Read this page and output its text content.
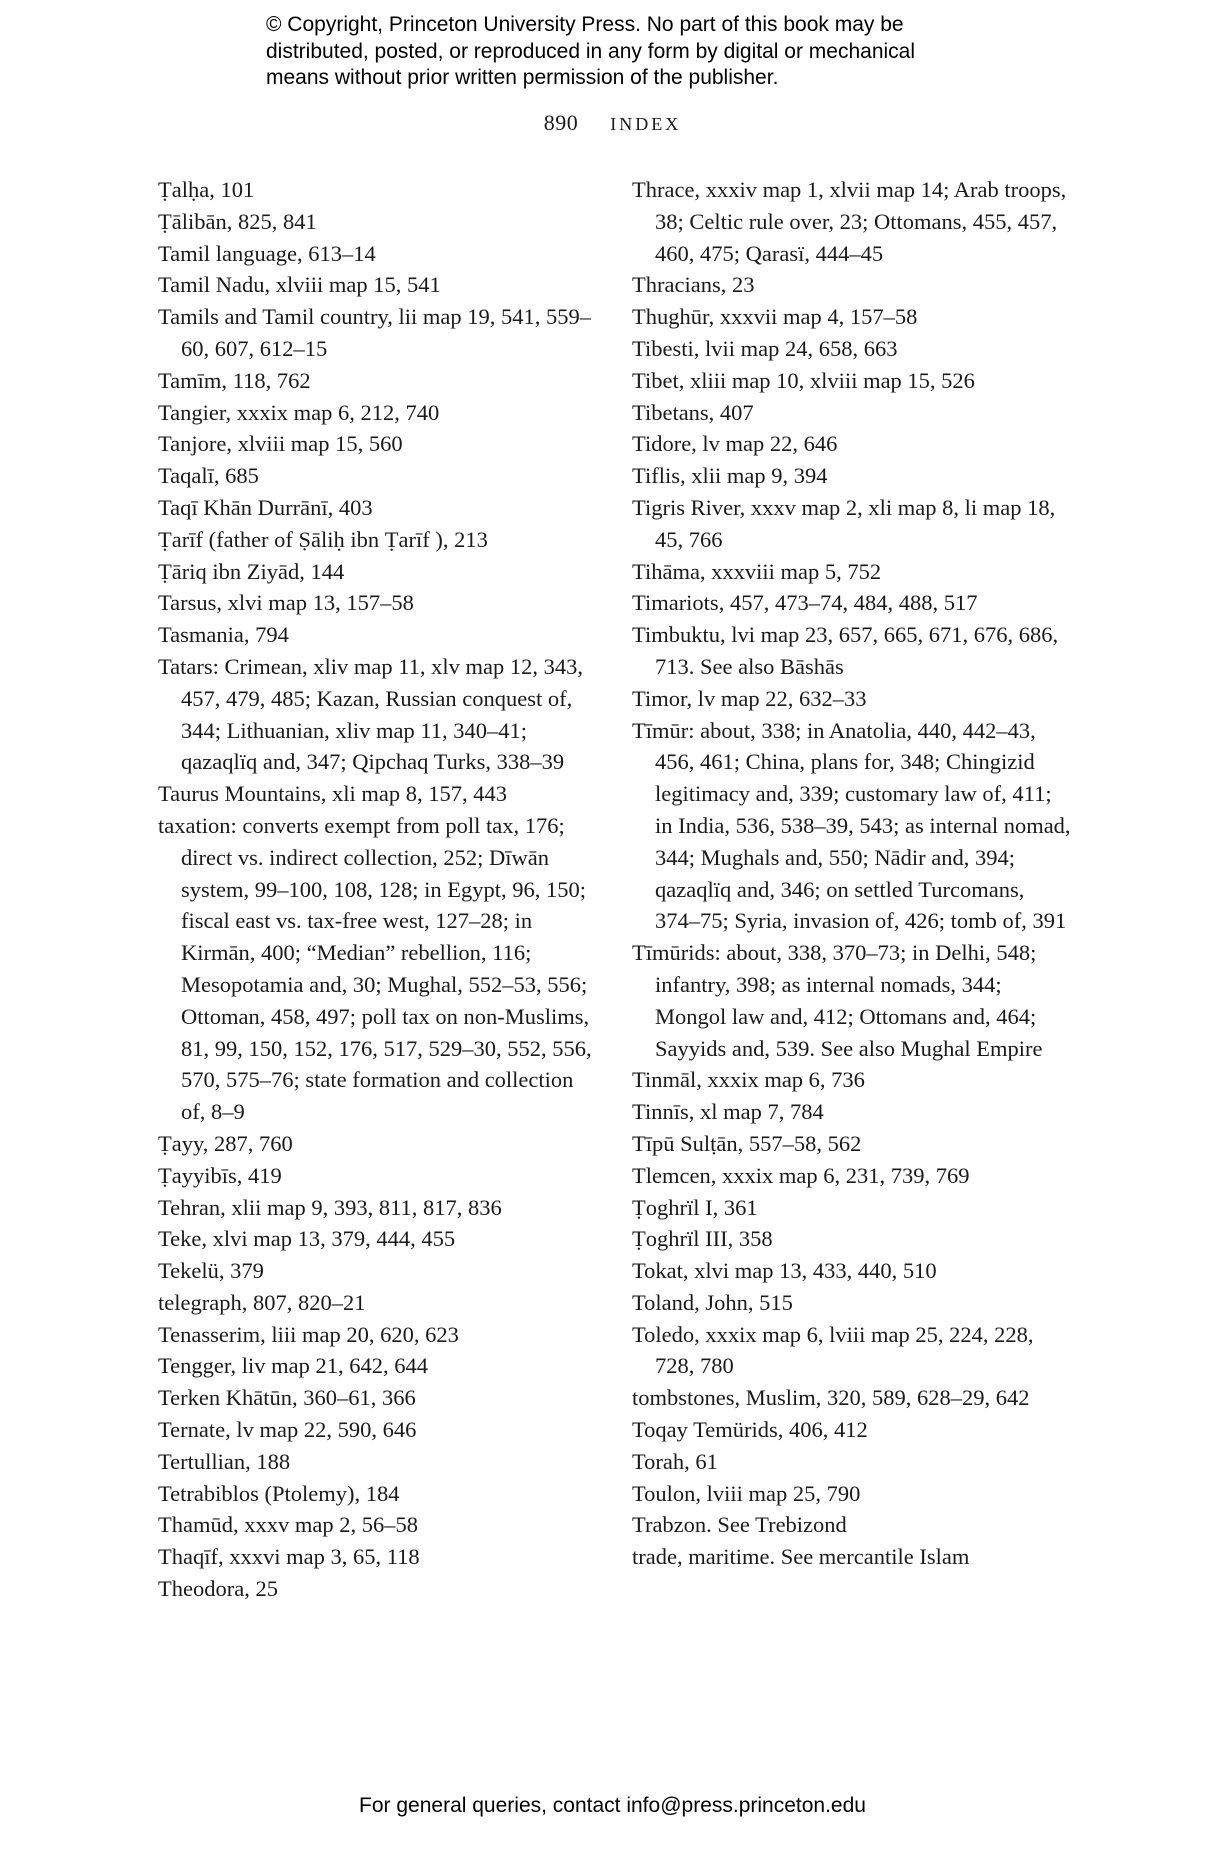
© Copyright, Princeton University Press. No part of this book may be
distributed, posted, or reproduced in any form by digital or mechanical
means without prior written permission of the publisher.
890 INDEX
Ṭalḥa, 101
Ṭālibān, 825, 841
Tamil language, 613–14
Tamil Nadu, xlviii map 15, 541
Tamils and Tamil country, lii map 19, 541, 559–60, 607, 612–15
Tamīm, 118, 762
Tangier, xxxix map 6, 212, 740
Tanjore, xlviii map 15, 560
Taqalī, 685
Taqī Khān Durrānī, 403
Ṭarīf (father of Ṣāliḥ ibn Ṭarīf ), 213
Ṭāriq ibn Ziyād, 144
Tarsus, xlvi map 13, 157–58
Tasmania, 794
Tatars: Crimean, xliv map 11, xlv map 12, 343, 457, 479, 485; Kazan, Russian conquest of, 344; Lithuanian, xliv map 11, 340–41; qazaqlïq and, 347; Qipchaq Turks, 338–39
Taurus Mountains, xli map 8, 157, 443
taxation: converts exempt from poll tax, 176; direct vs. indirect collection, 252; Dīwān system, 99–100, 108, 128; in Egypt, 96, 150; fiscal east vs. tax-free west, 127–28; in Kirmān, 400; “Median” rebellion, 116; Mesopotamia and, 30; Mughal, 552–53, 556; Ottoman, 458, 497; poll tax on non-Muslims, 81, 99, 150, 152, 176, 517, 529–30, 552, 556, 570, 575–76; state formation and collection of, 8–9
Ṭayy, 287, 760
Ṭayyibīs, 419
Tehran, xlii map 9, 393, 811, 817, 836
Teke, xlvi map 13, 379, 444, 455
Tekelü, 379
telegraph, 807, 820–21
Tenasserim, liii map 20, 620, 623
Tengger, liv map 21, 642, 644
Terken Khātūn, 360–61, 366
Ternate, lv map 22, 590, 646
Tertullian, 188
Tetrabiblos (Ptolemy), 184
Thamūd, xxxv map 2, 56–58
Thaqīf, xxxvi map 3, 65, 118
Theodora, 25
Thrace, xxxiv map 1, xlvii map 14; Arab troops, 38; Celtic rule over, 23; Ottomans, 455, 457, 460, 475; Qarasï, 444–45
Thracians, 23
Thughūr, xxxvii map 4, 157–58
Tibesti, lvii map 24, 658, 663
Tibet, xliii map 10, xlviii map 15, 526
Tibetans, 407
Tidore, lv map 22, 646
Tiflis, xlii map 9, 394
Tigris River, xxxv map 2, xli map 8, li map 18, 45, 766
Tihāma, xxxviii map 5, 752
Timariots, 457, 473–74, 484, 488, 517
Timbuktu, lvi map 23, 657, 665, 671, 676, 686, 713. See also Bāshās
Timor, lv map 22, 632–33
Tīmūr: about, 338; in Anatolia, 440, 442–43, 456, 461; China, plans for, 348; Chingizid legitimacy and, 339; customary law of, 411; in India, 536, 538–39, 543; as internal nomad, 344; Mughals and, 550; Nādir and, 394; qazaqlïq and, 346; on settled Turcomans, 374–75; Syria, invasion of, 426; tomb of, 391
Tīmūrids: about, 338, 370–73; in Delhi, 548; infantry, 398; as internal nomads, 344; Mongol law and, 412; Ottomans and, 464; Sayyids and, 539. See also Mughal Empire
Tinmāl, xxxix map 6, 736
Tinnīs, xl map 7, 784
Tīpū Sulṭān, 557–58, 562
Tlemcen, xxxix map 6, 231, 739, 769
Ṭoghrïl I, 361
Ṭoghrïl III, 358
Tokat, xlvi map 13, 433, 440, 510
Toland, John, 515
Toledo, xxxix map 6, lviii map 25, 224, 228, 728, 780
tombstones, Muslim, 320, 589, 628–29, 642
Toqay Temürids, 406, 412
Torah, 61
Toulon, lviii map 25, 790
Trabzon. See Trebizond
trade, maritime. See mercantile Islam
For general queries, contact info@press.princeton.edu
